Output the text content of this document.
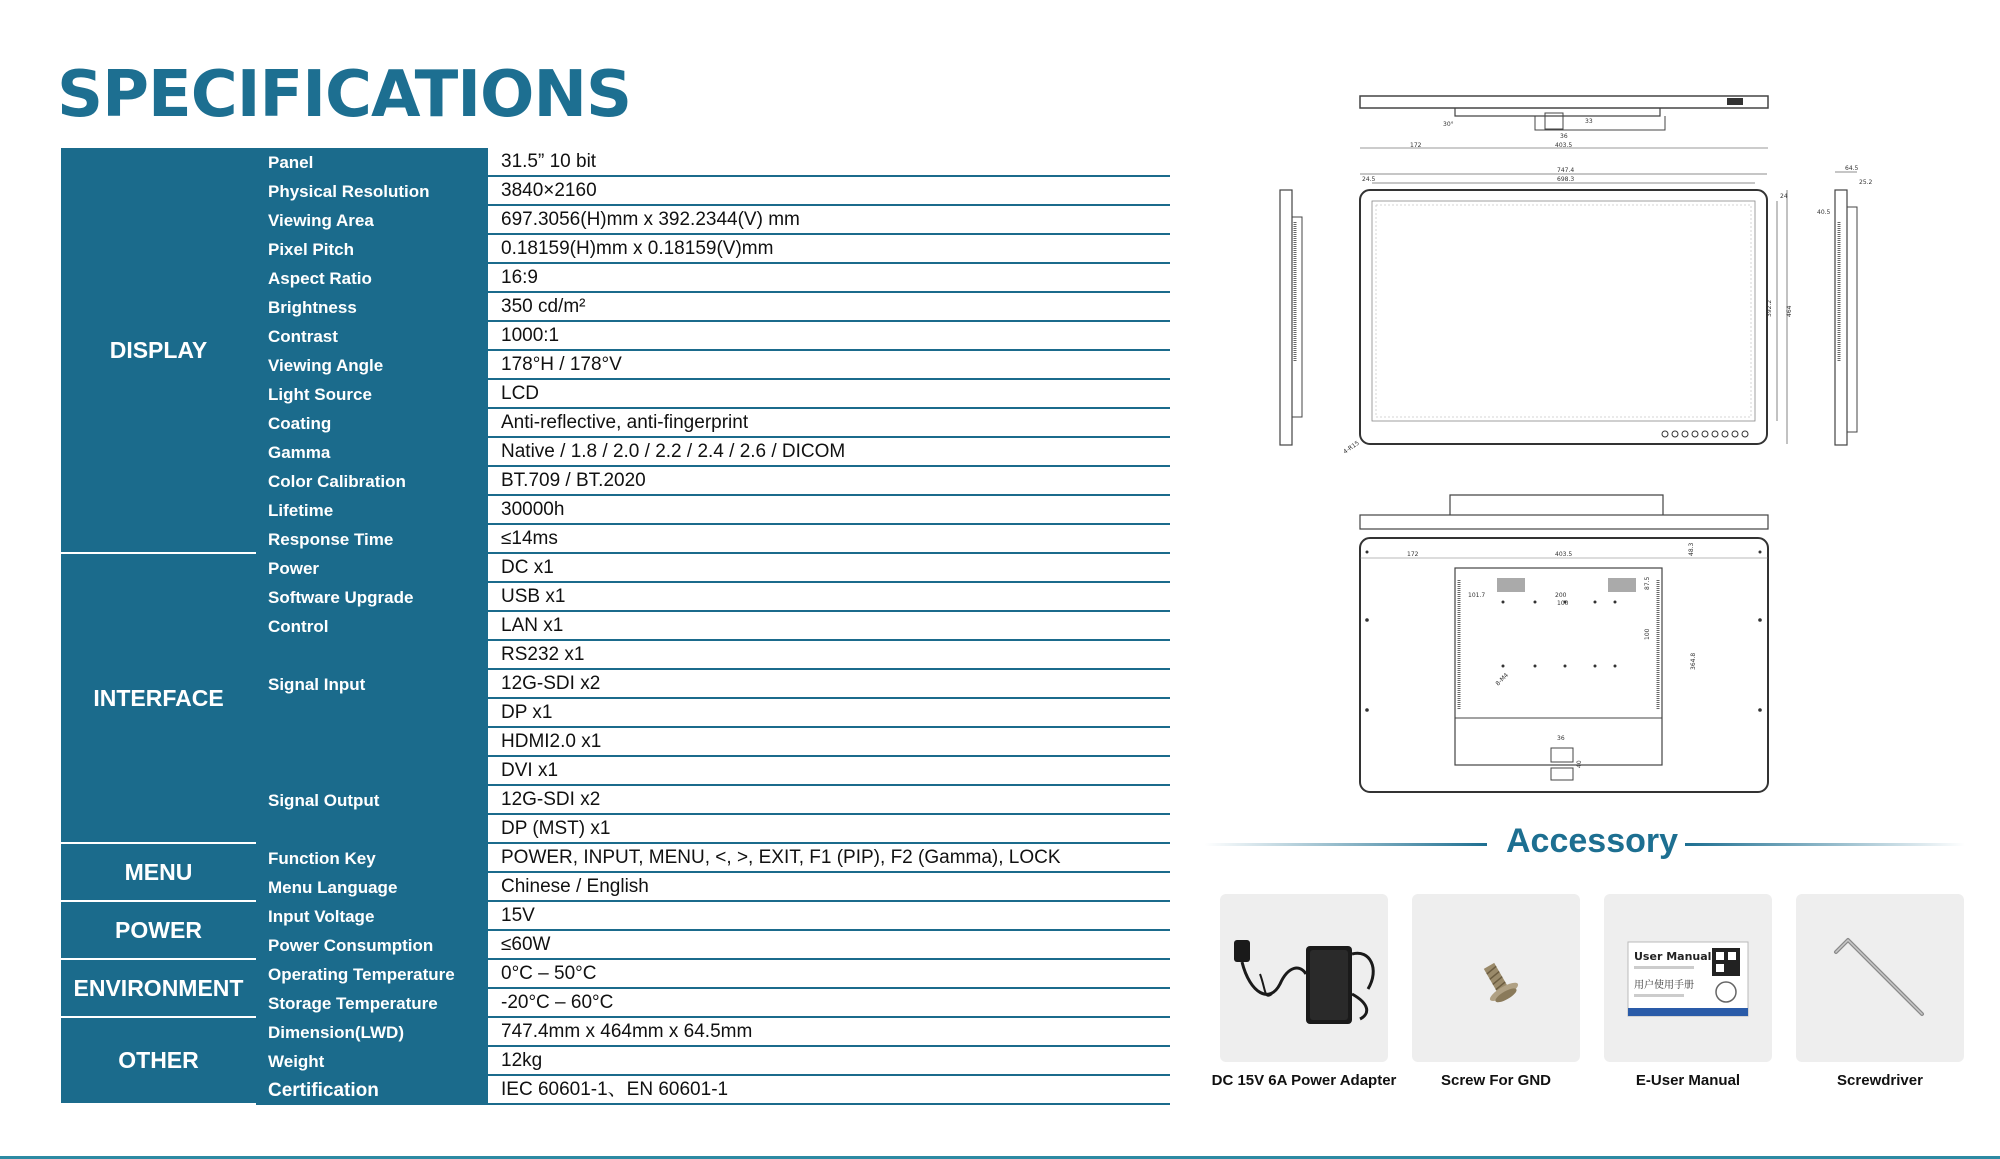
SPECIFICATIONS
DISPLAY
Panel	31.5” 10 bit
Physical Resolution	3840×2160
Viewing Area	697.3056(H)mm x 392.2344(V) mm
Pixel Pitch	0.18159(H)mm x 0.18159(V)mm
Aspect Ratio	16:9
Brightness	350 cd/m²
Contrast	1000:1
Viewing Angle	178°H / 178°V
Light Source	LCD
Coating	Anti-reflective, anti-fingerprint
Gamma	Native / 1.8 / 2.0 / 2.2 / 2.4 / 2.6 / DICOM
Color Calibration	BT.709 / BT.2020
Lifetime	30000h
Response Time	≤14ms
INTERFACE
Power	DC x1
Software Upgrade	USB x1
Control	LAN x1
RS232 x1
Signal Input	12G-SDI x2
DP x1
HDMI2.0 x1
DVI x1
Signal Output	12G-SDI x2
DP (MST) x1
MENU	Function Key	POWER, INPUT, MENU, <, >, EXIT, F1 (PIP), F2 (Gamma), LOCK
Menu Language	Chinese / English
POWER	Input Voltage	15V
Power Consumption	≤60W
ENVIRONMENT	Operating Temperature	0°C – 50°C
Storage Temperature	-20°C – 60°C
OTHER
Dimension(LWD)	747.4mm x 464mm x 64.5mm
Weight	12kg
Certification	IEC 60601-1、EN 60601-1
30°
172
36
403.5
33
747.4
698.3
24.5
392.2 464
24
4-R15
64.5
25.2
40.5
172	403.5	48.3
101.7	200
100
87.5
100
364.8
8-M4
36
40
Accessory
DC 15V 6A Power Adapter	Screw For GND
User Manual
用户使用手册
E-User Manual	Screwdriver
